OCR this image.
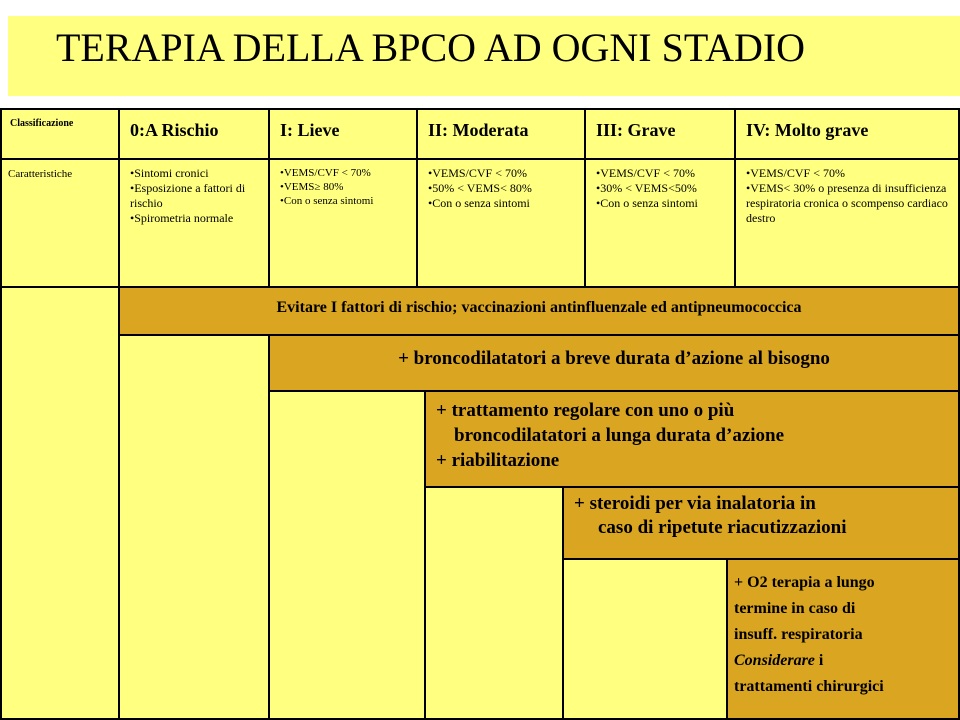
TERAPIA DELLA BPCO AD OGNI STADIO
Classificazione	0:A Rischio	I: Lieve	II: Moderata	III: Grave	IV: Molto grave
Caratteristiche
•	Sintomi cronici
• Esposizione a fattori di rischio
• Spirometria normale
• VEMS/CVF < 70%
• VEMS≥ 80%
• Con o senza sintomi
• VEMS/CVF < 70%
• 50% < VEMS< 80%
• Con o senza sintomi
• VEMS/CVF < 70%
• 30% < VEMS<50%
• Con o senza sintomi
• VEMS/CVF < 70%
• VEMS< 30% o presenza di insufficienza respiratoria cronica o scompenso cardiaco destro
Evitare I fattori di rischio; vaccinazioni antinfluenzale ed antipneumococcica
+ broncodilatatori a breve durata d’azione al bisogno
+ trattamento regolare con uno o più
broncodilatatori a lunga durata d’azione
+ riabilitazione
+ steroidi per via inalatoria in
caso di ripetute riacutizzazioni
+ O2 terapia a lungo
termine in caso di
insuff. respiratoria
Considerare i
trattamenti chirurgici
